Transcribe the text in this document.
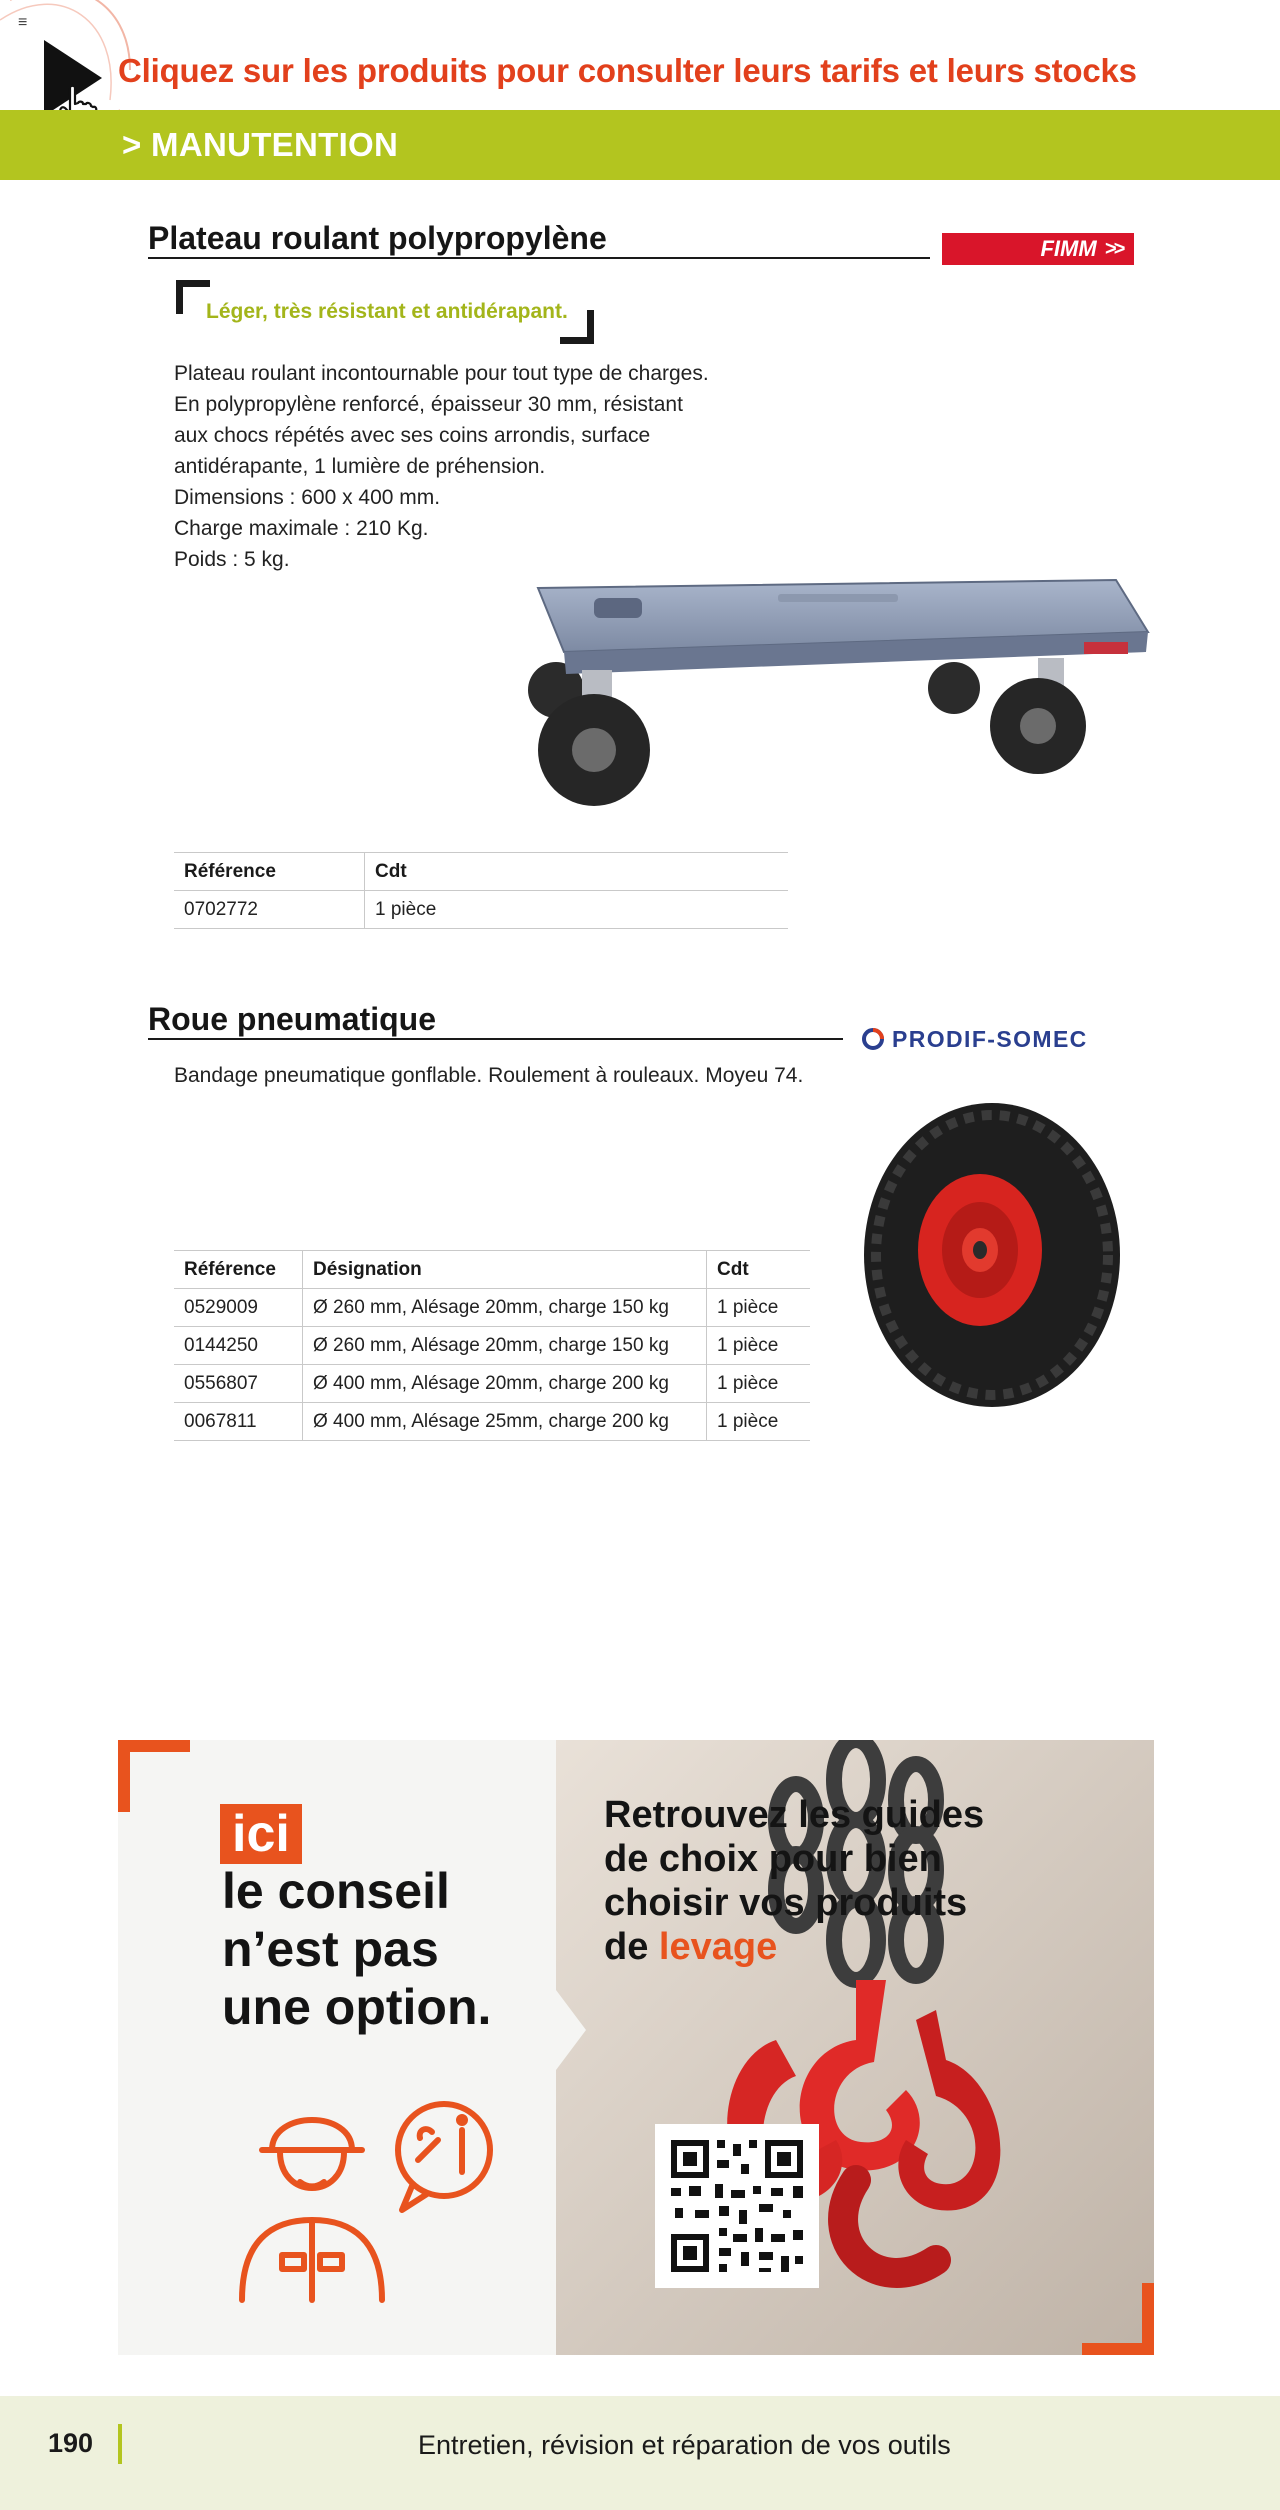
≡
Cliquez sur les produits pour consulter leurs tarifs et leurs stocks
> MANUTENTION
Plateau roulant polypropylène	FIMM >>
Léger, très résistant et antidérapant.
Plateau roulant incontournable pour tout type de charges.
En polypropylène renforcé, épaisseur 30 mm, résistant
aux chocs répétés avec ses coins arrondis, surface
antidérapante, 1 lumière de préhension.
Dimensions : 600 x 400 mm.
Charge maximale : 210 Kg.
Poids : 5 kg.
Référence	Cdt
0702772	1 pièce
Roue pneumatique
PRODIF-SOMEC
Bandage pneumatique gonflable. Roulement à rouleaux. Moyeu 74.
Référence	Désignation	Cdt
0529009	Ø 260 mm, Alésage 20mm, charge 150 kg	1 pièce
0144250	Ø 260 mm, Alésage 20mm, charge 150 kg	1 pièce
0556807	Ø 400 mm, Alésage 20mm, charge 200 kg	1 pièce
0067811	Ø 400 mm, Alésage 25mm, charge 200 kg	1 pièce
ici
le conseil
n’est pas
une option.
Retrouvez les guides
de choix pour bien
choisir vos produits
de levage
190	Entretien, révision et réparation de vos outils
